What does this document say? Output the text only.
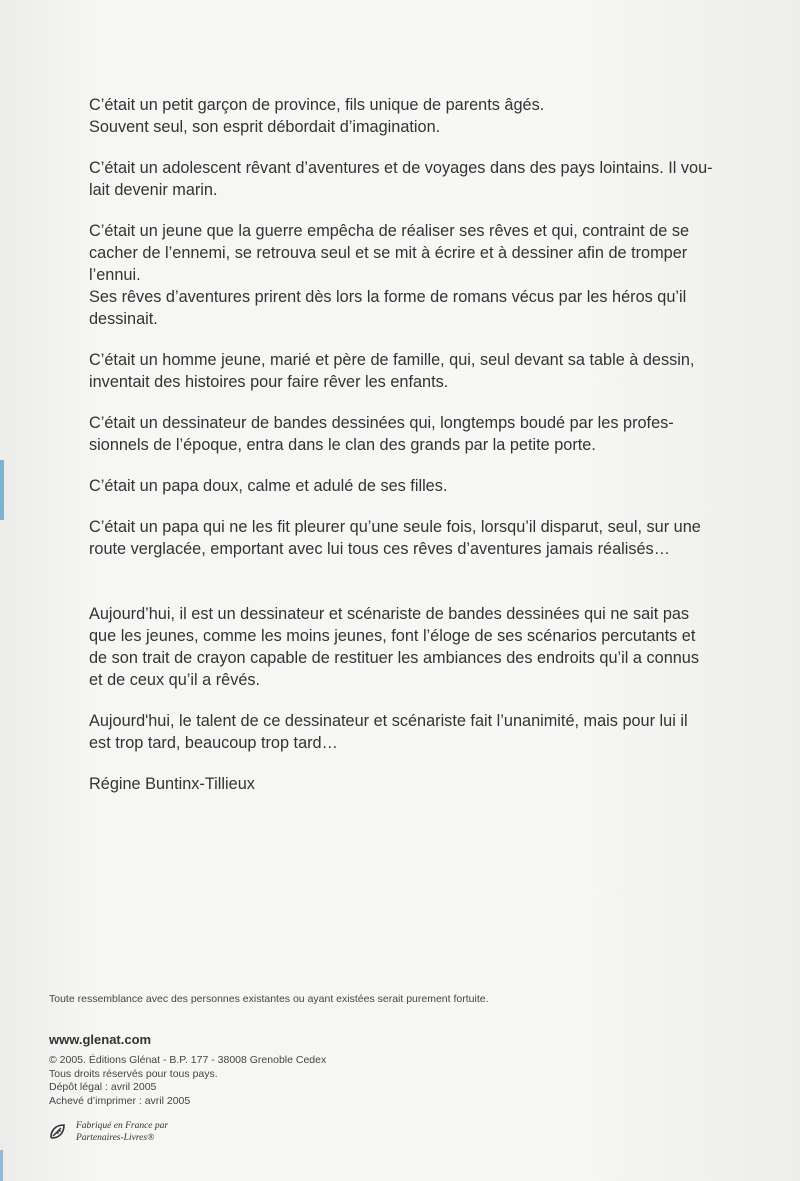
C’était un petit garçon de province, fils unique de parents âgés.
Souvent seul, son esprit débordait d’imagination.

C’était un adolescent rêvant d’aventures et de voyages dans des pays lointains. Il vou-
lait devenir marin.

C’était un jeune que la guerre empêcha de réaliser ses rêves et qui, contraint de se
cacher de l’ennemi, se retrouva seul et se mit à écrire et à dessiner afin de tromper
l’ennui.
Ses rêves d’aventures prirent dès lors la forme de romans vécus par les héros qu’il
dessinait.

C’était un homme jeune, marié et père de famille, qui, seul devant sa table à dessin,
inventait des histoires pour faire rêver les enfants.

C’était un dessinateur de bandes dessinées qui, longtemps boudé par les profes-
sionnels de l’époque, entra dans le clan des grands par la petite porte.

C’était un papa doux, calme et adulé de ses filles.

C’était un papa qui ne les fit pleurer qu’une seule fois, lorsqu’il disparut, seul, sur une
route verglacée, emportant avec lui tous ces rêves d’aventures jamais réalisés…

Aujourd’hui, il est un dessinateur et scénariste de bandes dessinées qui ne sait pas
que les jeunes, comme les moins jeunes, font l’éloge de ses scénarios percutants et
de son trait de crayon capable de restituer les ambiances des endroits qu’il a connus
et de ceux qu’il a rêvés.

Aujourd'hui, le talent de ce dessinateur et scénariste fait l’unanimité, mais pour lui il
est trop tard, beaucoup trop tard…

Régine Buntinx-Tillieux

Toute ressemblance avec des personnes existantes ou ayant existées serait purement fortuite.
www.glenat.com
© 2005. Éditions Glénat - B.P. 177 - 38008 Grenoble Cedex
Tous droits réservés pour tous pays.
Dépôt légal : avril 2005
Achevé d’imprimer : avril 2005
Fabriqué en France par
Partenaires-Livres®
